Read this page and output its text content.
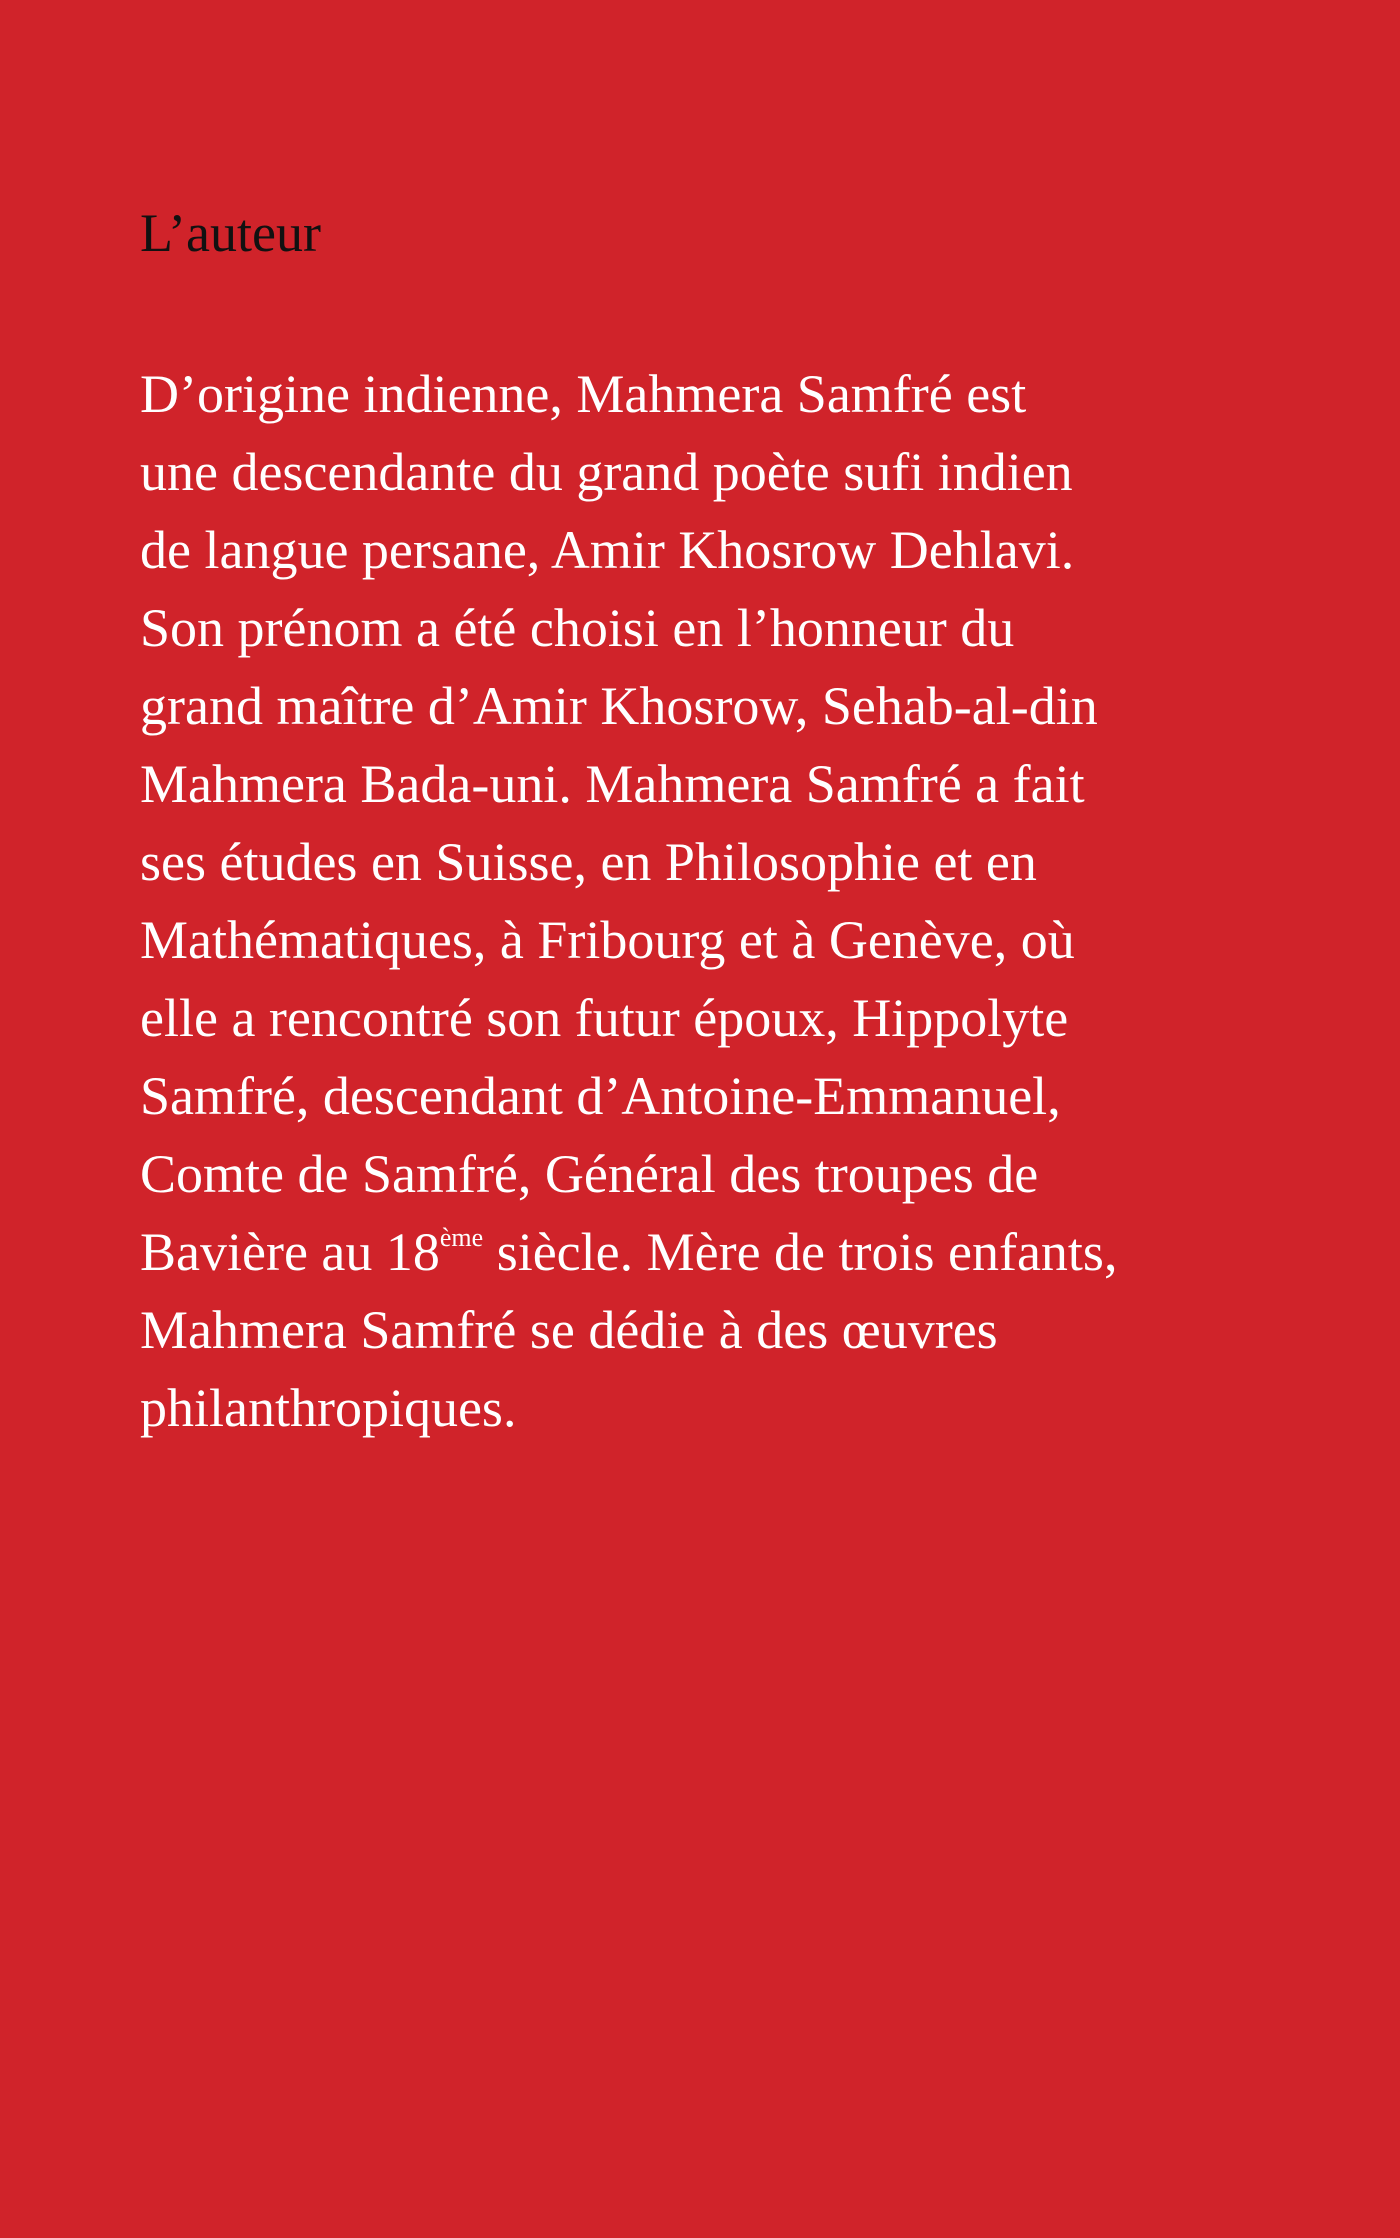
L’auteur

D’origine indienne, Mahmera Samfré est
une descendante du grand poète sufi indien
de langue persane, Amir Khosrow Dehlavi.
Son prénom a été choisi en l’honneur du
grand maître d’Amir Khosrow, Sehab-al-din
Mahmera Bada-uni. Mahmera Samfré a fait
ses études en Suisse, en Philosophie et en
Mathématiques, à Fribourg et à Genève, où
elle a rencontré son futur époux, Hippolyte
Samfré, descendant d’Antoine-Emmanuel,
Comte de Samfré, Général des troupes de
Bavière au 18ème siècle. Mère de trois enfants,
Mahmera Samfré se dédie à des œuvres
philanthropiques.
